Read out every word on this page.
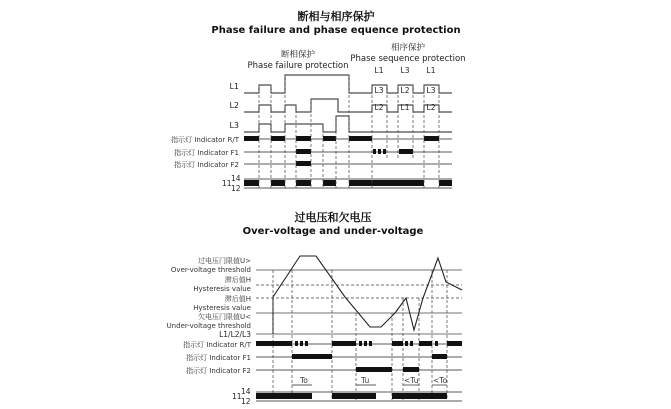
断相与相序保护
Phase failure and phase equence protection
断相保护
Phase failure protection
相序保护
Phase sequence protection
L1
L2
L3
指示灯 Indicator R/T
指示灯 Indicator F1
指示灯 Indicator F2
11
14
12
L1 L3 L1
L3 L2 L3
L2 L1 L2
过电压和欠电压
Over-voltage and under-voltage
过电压门限值U>
Over-voltage threshold
滞后值H
Hysteresis value
滞后值H
Hysteresis value
欠电压门限值U<
Under-voltage threshold
L1/L2/L3
指示灯 Indicator R/T
指示灯 Indicator F1
指示灯 Indicator F2
11
14
12
To	Tu	<Tu <To
